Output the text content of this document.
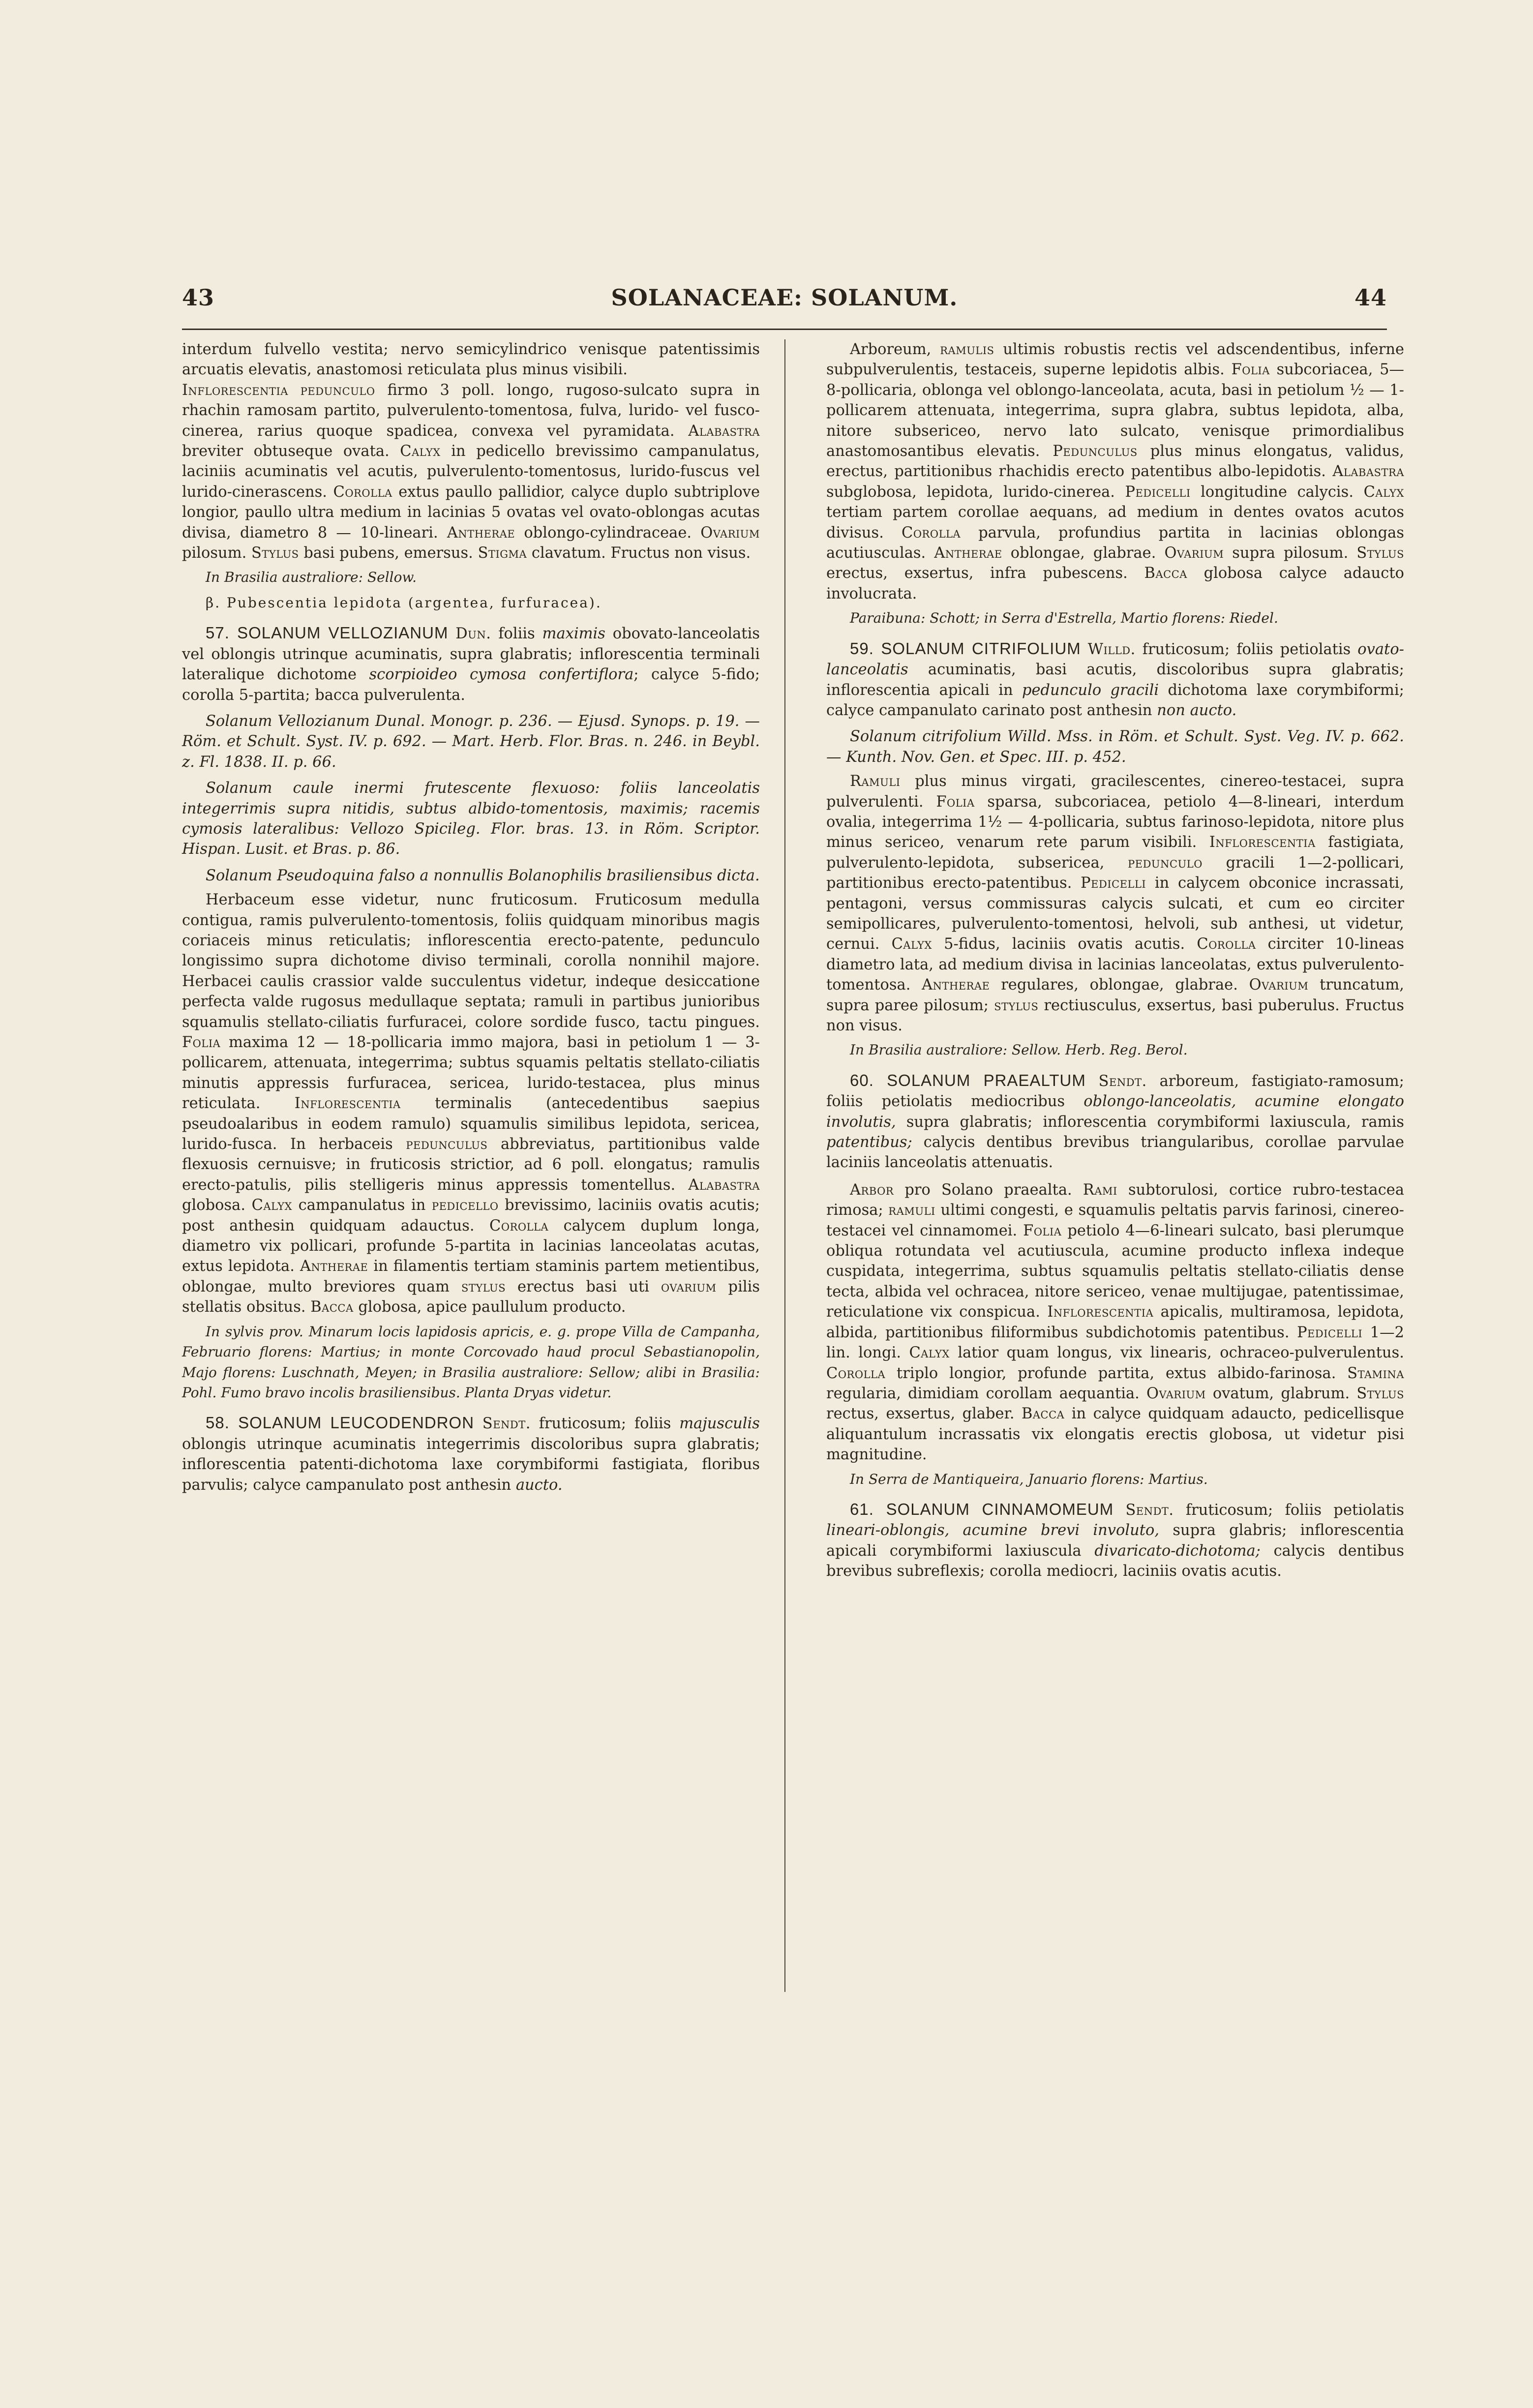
43	SOLANACEAE: SOLANUM.	44

interdum fulvello vestita; nervo semicylindrico venisque patentissimis arcuatis elevatis, anastomosi reticulata plus minus visibili.

Inflorescentia pedunculo firmo 3 poll. longo, rugoso-sulcato supra in rhachin ramosam partito, pulverulento-tomentosa, fulva, lurido- vel fusco-cinerea, rarius quoque spadicea, convexa vel pyramidata. Alabastra breviter obtuseque ovata. Calyx in pedicello brevissimo campanulatus, laciniis acuminatis vel acutis, pulverulento-tomentosus, lurido-fuscus vel lurido-cinerascens. Corolla extus paullo pallidior, calyce duplo subtriplove longior, paullo ultra medium in lacinias 5 ovatas vel ovato-oblongas acutas divisa, diametro 8 — 10-lineari. Antherae oblongo-cylindraceae. Ovarium pilosum. Stylus basi pubens, emersus. Stigma clavatum. Fructus non visus.

In Brasilia australiore: Sellow.

β. Pubescentia lepidota (argentea, furfuracea).

57. SOLANUM VELLOZIANUM Dun. foliis maximis obovato-lanceolatis vel oblongis utrinque acuminatis, supra glabratis; inflorescentia terminali lateralique dichotome scorpioideo cymosa confertiflora; calyce 5-fido; corolla 5-partita; bacca pulverulenta.

Solanum Vellozianum Dunal. Monogr. p. 236. — Ejusd. Synops. p. 19. — Röm. et Schult. Syst. IV. p. 692. — Mart. Herb. Flor. Bras. n. 246. in Beybl. z. Fl. 1838. II. p. 66.

Solanum caule inermi frutescente flexuoso: foliis lanceolatis integerrimis supra nitidis, subtus albido-tomentosis, maximis; racemis cymosis lateralibus: Vellozo Spicileg. Flor. bras. 13. in Röm. Scriptor. Hispan. Lusit. et Bras. p. 86.

Solanum Pseudoquina falso a nonnullis Bolanophilis brasiliensibus dicta.

Herbaceum esse videtur, nunc fruticosum. Fruticosum medulla contigua, ramis pulverulento-tomentosis, foliis quidquam minoribus magis coriaceis minus reticulatis; inflorescentia erecto-patente, pedunculo longissimo supra dichotome diviso terminali, corolla nonnihil majore. Herbacei caulis crassior valde succulentus videtur, indeque desiccatione perfecta valde rugosus medullaque septata; ramuli in partibus junioribus squamulis stellato-ciliatis furfuracei, colore sordide fusco, tactu pingues. Folia maxima 12 — 18-pollicaria immo majora, basi in petiolum 1 — 3-pollicarem, attenuata, integerrima; subtus squamis peltatis stellato-ciliatis minutis appressis furfuracea, sericea, lurido-testacea, plus minus reticulata. Inflorescentia terminalis (antecedentibus saepius pseudoalaribus in eodem ramulo) squamulis similibus lepidota, sericea, lurido-fusca. In herbaceis pedunculus abbreviatus, partitionibus valde flexuosis cernuisve; in fruticosis strictior, ad 6 poll. elongatus; ramulis erecto-patulis, pilis stelligeris minus appressis tomentellus. Alabastra globosa. Calyx campanulatus in pedicello brevissimo, laciniis ovatis acutis; post anthesin quidquam adauctus. Corolla calycem duplum longa, diametro vix pollicari, profunde 5-partita in lacinias lanceolatas acutas, extus lepidota. Antherae in filamentis tertiam staminis partem metientibus, oblongae, multo breviores quam stylus erectus basi uti ovarium pilis stellatis obsitus. Bacca globosa, apice paullulum producto.

In sylvis prov. Minarum locis lapidosis apricis, e. g. prope Villa de Campanha, Februario florens: Martius; in monte Corcovado haud procul Sebastianopolin, Majo florens: Luschnath, Meyen; in Brasilia australiore: Sellow; alibi in Brasilia: Pohl. Fumo bravo incolis brasiliensibus. Planta Dryas videtur.

58. SOLANUM LEUCODENDRON Sendt. fruticosum; foliis majusculis oblongis utrinque acuminatis integerrimis discoloribus supra glabratis; inflorescentia patenti-dichotoma laxe corymbiformi fastigiata, floribus parvulis; calyce campanulato post anthesin aucto.

Arboreum, ramulis ultimis robustis rectis vel adscendentibus, inferne subpulverulentis, testaceis, superne lepidotis albis. Folia subcoriacea, 5—8-pollicaria, oblonga vel oblongo-lanceolata, acuta, basi in petiolum ½ — 1-pollicarem attenuata, integerrima, supra glabra, subtus lepidota, alba, nitore subsericeo, nervo lato sulcato, venisque primordialibus anastomosantibus elevatis. Pedunculus plus minus elongatus, validus, erectus, partitionibus rhachidis erecto patentibus albo-lepidotis. Alabastra subglobosa, lepidota, lurido-cinerea. Pedicelli longitudine calycis. Calyx tertiam partem corollae aequans, ad medium in dentes ovatos acutos divisus. Corolla parvula, profundius partita in lacinias oblongas acutiusculas. Antherae oblongae, glabrae. Ovarium supra pilosum. Stylus erectus, exsertus, infra pubescens. Bacca globosa calyce adaucto involucrata.

Paraibuna: Schott; in Serra d'Estrella, Martio florens: Riedel.

59. SOLANUM CITRIFOLIUM Willd. fruticosum; foliis petiolatis ovato-lanceolatis acuminatis, basi acutis, discoloribus supra glabratis; inflorescentia apicali in pedunculo gracili dichotoma laxe corymbiformi; calyce campanulato carinato post anthesin non aucto.

Solanum citrifolium Willd. Mss. in Röm. et Schult. Syst. Veg. IV. p. 662. — Kunth. Nov. Gen. et Spec. III. p. 452.

Ramuli plus minus virgati, gracilescentes, cinereo-testacei, supra pulverulenti. Folia sparsa, subcoriacea, petiolo 4—8-lineari, interdum ovalia, integerrima 1½ — 4-pollicaria, subtus farinoso-lepidota, nitore plus minus sericeo, venarum rete parum visibili. Inflorescentia fastigiata, pulverulento-lepidota, subsericea, pedunculo gracili 1—2-pollicari, partitionibus erecto-patentibus. Pedicelli in calycem obconice incrassati, pentagoni, versus commissuras calycis sulcati, et cum eo circiter semipollicares, pulverulento-tomentosi, helvoli, sub anthesi, ut videtur, cernui. Calyx 5-fidus, laciniis ovatis acutis. Corolla circiter 10-lineas diametro lata, ad medium divisa in lacinias lanceolatas, extus pulverulento-tomentosa. Antherae regulares, oblongae, glabrae. Ovarium truncatum, supra paree pilosum; stylus rectiusculus, exsertus, basi puberulus. Fructus non visus.

In Brasilia australiore: Sellow. Herb. Reg. Berol.

60. SOLANUM PRAEALTUM Sendt. arboreum, fastigiato-ramosum; foliis petiolatis mediocribus oblongo-lanceolatis, acumine elongato involutis, supra glabratis; inflorescentia corymbiformi laxiuscula, ramis patentibus; calycis dentibus brevibus triangularibus, corollae parvulae laciniis lanceolatis attenuatis.

Arbor pro Solano praealta. Rami subtorulosi, cortice rubro-testacea rimosa; ramuli ultimi congesti, e squamulis peltatis parvis farinosi, cinereo-testacei vel cinnamomei. Folia petiolo 4—6-lineari sulcato, basi plerumque obliqua rotundata vel acutiuscula, acumine producto inflexa indeque cuspidata, integerrima, subtus squamulis peltatis stellato-ciliatis dense tecta, albida vel ochracea, nitore sericeo, venae multijugae, patentissimae, reticulatione vix conspicua. Inflorescentia apicalis, multiramosa, lepidota, albida, partitionibus filiformibus subdichotomis patentibus. Pedicelli 1—2 lin. longi. Calyx latior quam longus, vix linearis, ochraceo-pulverulentus. Corolla triplo longior, profunde partita, extus albido-farinosa. Stamina regularia, dimidiam corollam aequantia. Ovarium ovatum, glabrum. Stylus rectus, exsertus, glaber. Bacca in calyce quidquam adaucto, pedicellisque aliquantulum incrassatis vix elongatis erectis globosa, ut videtur pisi magnitudine.

In Serra de Mantiqueira, Januario florens: Martius.

61. SOLANUM CINNAMOMEUM Sendt. fruticosum; foliis petiolatis lineari-oblongis, acumine brevi involuto, supra glabris; inflorescentia apicali corymbiformi laxiuscula divaricato-dichotoma; calycis dentibus brevibus subreflexis; corolla mediocri, laciniis ovatis acutis.
